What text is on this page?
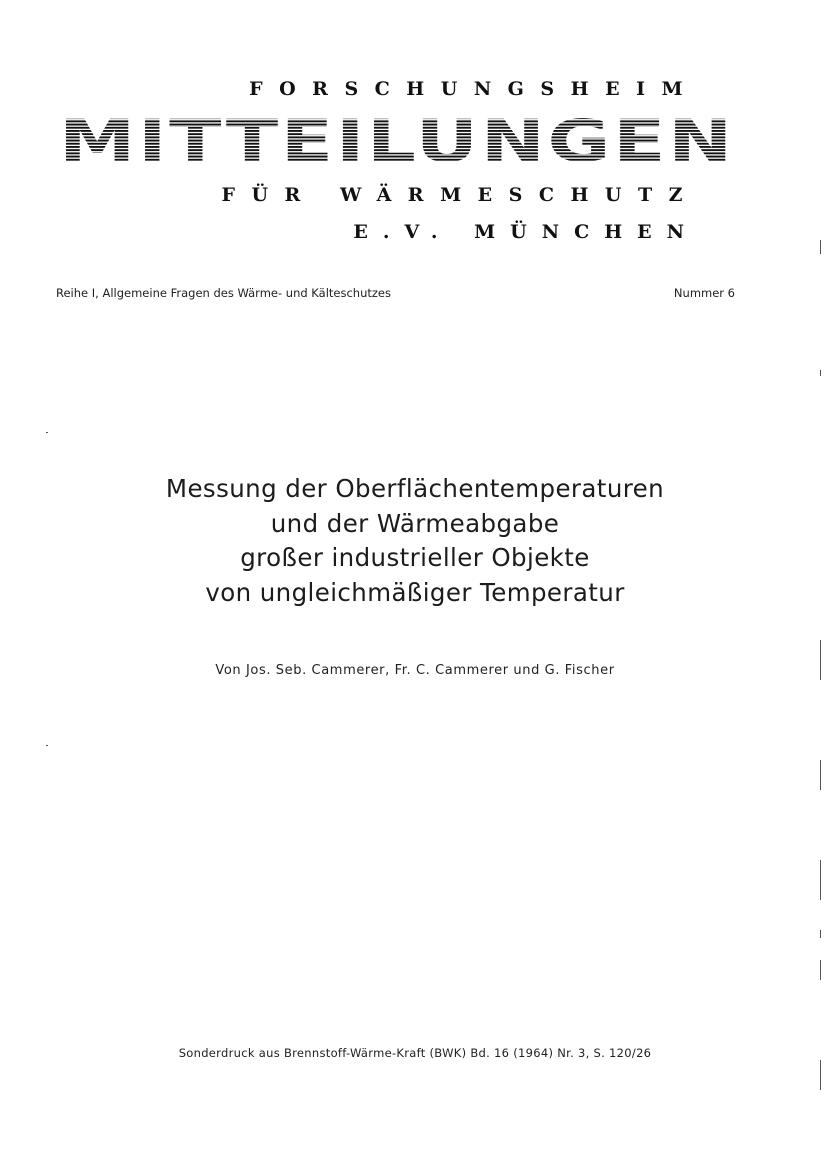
FORSCHUNGSHEIM
MITTEILUNGEN
FÜR WÄRMESCHUTZ
E.V. MÜNCHEN
Reihe I, Allgemeine Fragen des Wärme- und Kälteschutzes	Nummer 6
Messung der Oberflächentemperaturen
und der Wärmeabgabe
großer industrieller Objekte
von ungleichmäßiger Temperatur
Von Jos. Seb. Cammerer, Fr. C. Cammerer und G. Fischer
Sonderdruck aus Brennstoff-Wärme-Kraft (BWK) Bd. 16 (1964) Nr. 3, S. 120/26
